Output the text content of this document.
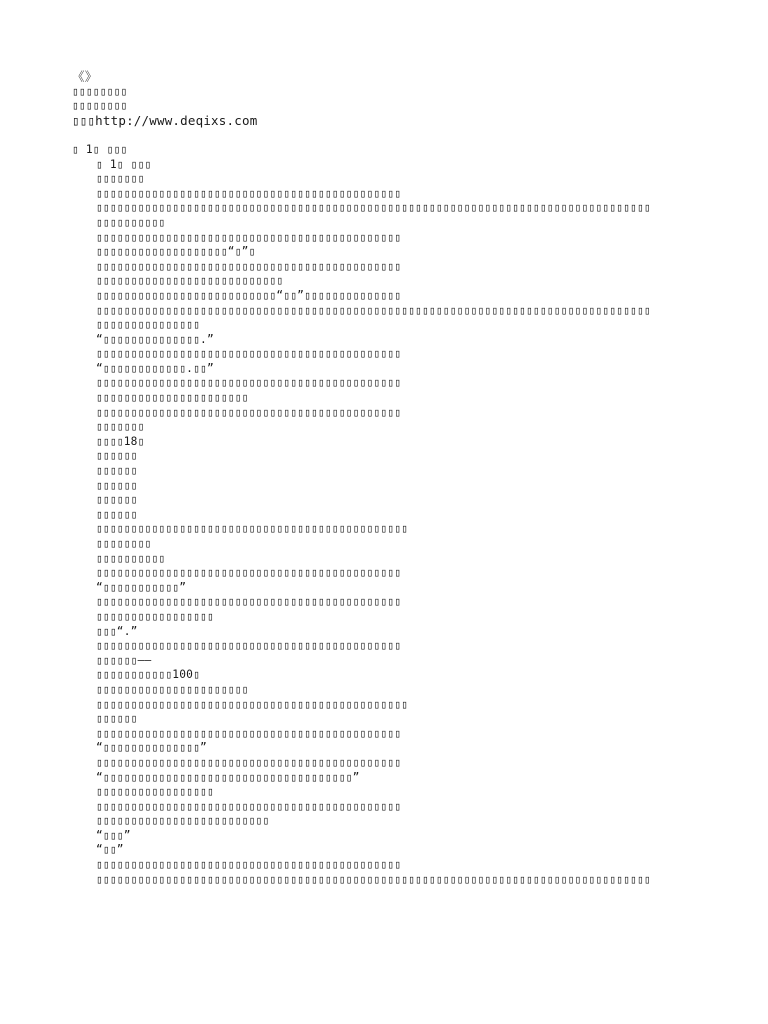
《》
▯▯▯▯▯▯▯▯
▯▯▯▯▯▯▯▯
▯▯▯http://www.deqixs.com
▯ 1▯ ▯▯▯
▯ 1▯ ▯▯▯
▯▯▯▯▯▯▯
▯▯▯▯▯▯▯▯▯▯▯▯▯▯▯▯▯▯▯▯▯▯▯▯▯▯▯▯▯▯▯▯▯▯▯▯▯▯▯▯▯▯▯▯
▯▯▯▯▯▯▯▯▯▯▯▯▯▯▯▯▯▯▯▯▯▯▯▯▯▯▯▯▯▯▯▯▯▯▯▯▯▯▯▯▯▯▯▯▯▯▯▯▯▯▯▯▯▯▯▯▯▯▯▯▯▯▯▯▯▯▯▯▯▯▯▯▯▯▯▯▯▯▯▯
▯▯▯▯▯▯▯▯▯▯
▯▯▯▯▯▯▯▯▯▯▯▯▯▯▯▯▯▯▯▯▯▯▯▯▯▯▯▯▯▯▯▯▯▯▯▯▯▯▯▯▯▯▯▯
▯▯▯▯▯▯▯▯▯▯▯▯▯▯▯▯▯▯▯“▯”▯
▯▯▯▯▯▯▯▯▯▯▯▯▯▯▯▯▯▯▯▯▯▯▯▯▯▯▯▯▯▯▯▯▯▯▯▯▯▯▯▯▯▯▯▯
▯▯▯▯▯▯▯▯▯▯▯▯▯▯▯▯▯▯▯▯▯▯▯▯▯▯▯
▯▯▯▯▯▯▯▯▯▯▯▯▯▯▯▯▯▯▯▯▯▯▯▯▯▯“▯▯”▯▯▯▯▯▯▯▯▯▯▯▯▯▯
▯▯▯▯▯▯▯▯▯▯▯▯▯▯▯▯▯▯▯▯▯▯▯▯▯▯▯▯▯▯▯▯▯▯▯▯▯▯▯▯▯▯▯▯▯▯▯▯▯▯▯▯▯▯▯▯▯▯▯▯▯▯▯▯▯▯▯▯▯▯▯▯▯▯▯▯▯▯▯▯
▯▯▯▯▯▯▯▯▯▯▯▯▯▯▯
“▯▯▯▯▯▯▯▯▯▯▯▯▯▯.”
▯▯▯▯▯▯▯▯▯▯▯▯▯▯▯▯▯▯▯▯▯▯▯▯▯▯▯▯▯▯▯▯▯▯▯▯▯▯▯▯▯▯▯▯
“▯▯▯▯▯▯▯▯▯▯▯▯.▯▯”
▯▯▯▯▯▯▯▯▯▯▯▯▯▯▯▯▯▯▯▯▯▯▯▯▯▯▯▯▯▯▯▯▯▯▯▯▯▯▯▯▯▯▯▯
▯▯▯▯▯▯▯▯▯▯▯▯▯▯▯▯▯▯▯▯▯▯
▯▯▯▯▯▯▯▯▯▯▯▯▯▯▯▯▯▯▯▯▯▯▯▯▯▯▯▯▯▯▯▯▯▯▯▯▯▯▯▯▯▯▯▯
▯▯▯▯▯▯▯
▯▯▯▯18▯
▯▯▯▯▯▯
▯▯▯▯▯▯
▯▯▯▯▯▯
▯▯▯▯▯▯
▯▯▯▯▯▯
▯▯▯▯▯▯▯▯▯▯▯▯▯▯▯▯▯▯▯▯▯▯▯▯▯▯▯▯▯▯▯▯▯▯▯▯▯▯▯▯▯▯▯▯▯
▯▯▯▯▯▯▯▯
▯▯▯▯▯▯▯▯▯▯
▯▯▯▯▯▯▯▯▯▯▯▯▯▯▯▯▯▯▯▯▯▯▯▯▯▯▯▯▯▯▯▯▯▯▯▯▯▯▯▯▯▯▯▯
“▯▯▯▯▯▯▯▯▯▯▯”
▯▯▯▯▯▯▯▯▯▯▯▯▯▯▯▯▯▯▯▯▯▯▯▯▯▯▯▯▯▯▯▯▯▯▯▯▯▯▯▯▯▯▯▯
▯▯▯▯▯▯▯▯▯▯▯▯▯▯▯▯▯
▯▯▯“.”
▯▯▯▯▯▯▯▯▯▯▯▯▯▯▯▯▯▯▯▯▯▯▯▯▯▯▯▯▯▯▯▯▯▯▯▯▯▯▯▯▯▯▯▯
▯▯▯▯▯▯——
▯▯▯▯▯▯▯▯▯▯▯100▯
▯▯▯▯▯▯▯▯▯▯▯▯▯▯▯▯▯▯▯▯▯▯
▯▯▯▯▯▯▯▯▯▯▯▯▯▯▯▯▯▯▯▯▯▯▯▯▯▯▯▯▯▯▯▯▯▯▯▯▯▯▯▯▯▯▯▯▯
▯▯▯▯▯▯
▯▯▯▯▯▯▯▯▯▯▯▯▯▯▯▯▯▯▯▯▯▯▯▯▯▯▯▯▯▯▯▯▯▯▯▯▯▯▯▯▯▯▯▯
“▯▯▯▯▯▯▯▯▯▯▯▯▯▯”
▯▯▯▯▯▯▯▯▯▯▯▯▯▯▯▯▯▯▯▯▯▯▯▯▯▯▯▯▯▯▯▯▯▯▯▯▯▯▯▯▯▯▯▯
“▯▯▯▯▯▯▯▯▯▯▯▯▯▯▯▯▯▯▯▯▯▯▯▯▯▯▯▯▯▯▯▯▯▯▯▯”
▯▯▯▯▯▯▯▯▯▯▯▯▯▯▯▯▯
▯▯▯▯▯▯▯▯▯▯▯▯▯▯▯▯▯▯▯▯▯▯▯▯▯▯▯▯▯▯▯▯▯▯▯▯▯▯▯▯▯▯▯▯
▯▯▯▯▯▯▯▯▯▯▯▯▯▯▯▯▯▯▯▯▯▯▯▯▯
“▯▯▯”
“▯▯”
▯▯▯▯▯▯▯▯▯▯▯▯▯▯▯▯▯▯▯▯▯▯▯▯▯▯▯▯▯▯▯▯▯▯▯▯▯▯▯▯▯▯▯▯
▯▯▯▯▯▯▯▯▯▯▯▯▯▯▯▯▯▯▯▯▯▯▯▯▯▯▯▯▯▯▯▯▯▯▯▯▯▯▯▯▯▯▯▯▯▯▯▯▯▯▯▯▯▯▯▯▯▯▯▯▯▯▯▯▯▯▯▯▯▯▯▯▯▯▯▯▯▯▯▯
